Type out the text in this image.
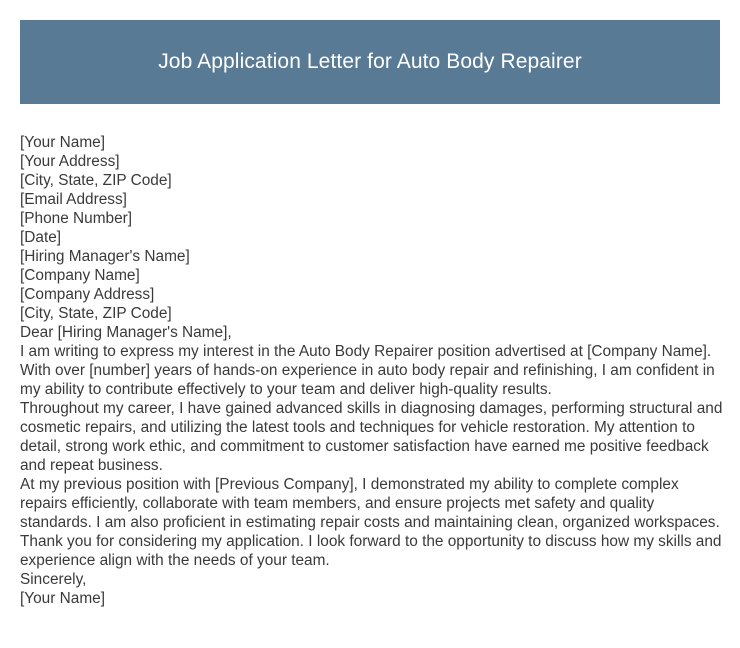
Job Application Letter for Auto Body Repairer

[Your Name]

[Your Address]

[City, State, ZIP Code]

[Email Address]

[Phone Number]

[Date]

[Hiring Manager's Name]

[Company Name]

[Company Address]

[City, State, ZIP Code]

Dear [Hiring Manager's Name],

I am writing to express my interest in the Auto Body Repairer position advertised at [Company Name]. With over [number] years of hands-on experience in auto body repair and refinishing, I am confident in my ability to contribute effectively to your team and deliver high-quality results.

Throughout my career, I have gained advanced skills in diagnosing damages, performing structural and cosmetic repairs, and utilizing the latest tools and techniques for vehicle restoration. My attention to detail, strong work ethic, and commitment to customer satisfaction have earned me positive feedback and repeat business.

At my previous position with [Previous Company], I demonstrated my ability to complete complex repairs efficiently, collaborate with team members, and ensure projects met safety and quality standards. I am also proficient in estimating repair costs and maintaining clean, organized workspaces.

Thank you for considering my application. I look forward to the opportunity to discuss how my skills and experience align with the needs of your team.

Sincerely,

[Your Name]
